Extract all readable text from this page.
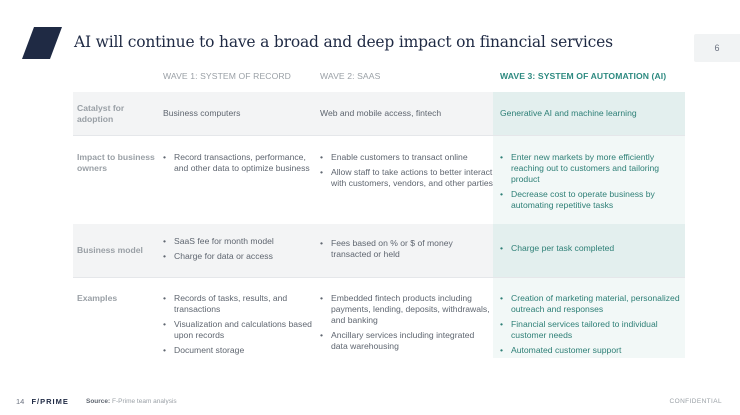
AI will continue to have a broad and deep impact on financial services	6
WAVE 1: SYSTEM OF RECORD	WAVE 2: SAAS	WAVE 3: SYSTEM OF AUTOMATION (AI)
Catalyst for adoption
Business computers	Web and mobile access, fintech	Generative AI and machine learning
Impact to business owners
• Record transactions, performance, and other data to optimize business
• Enable customers to transact online
• Allow staff to take actions to better interact with customers, vendors, and other parties
• Enter new markets by more efficiently reaching out to customers and tailoring product
• Decrease cost to operate business by automating repetitive tasks
Business model
• SaaS fee for month model
• Charge for data or access
• Fees based on % or $ of money transacted or held
• Charge per task completed
Examples
•	Records of tasks, results, and transactions
• Visualization and calculations based upon records
• Document storage
• Embedded fintech products including payments, lending, deposits, withdrawals, and banking
• Ancillary services including integrated data warehousing
• Creation of marketing material, personalized outreach and responses
• Financial services tailored to individual customer needs
• Automated customer support
14 F/PRIME	Source: F-Prime team analysis	CONFIDENTIAL
